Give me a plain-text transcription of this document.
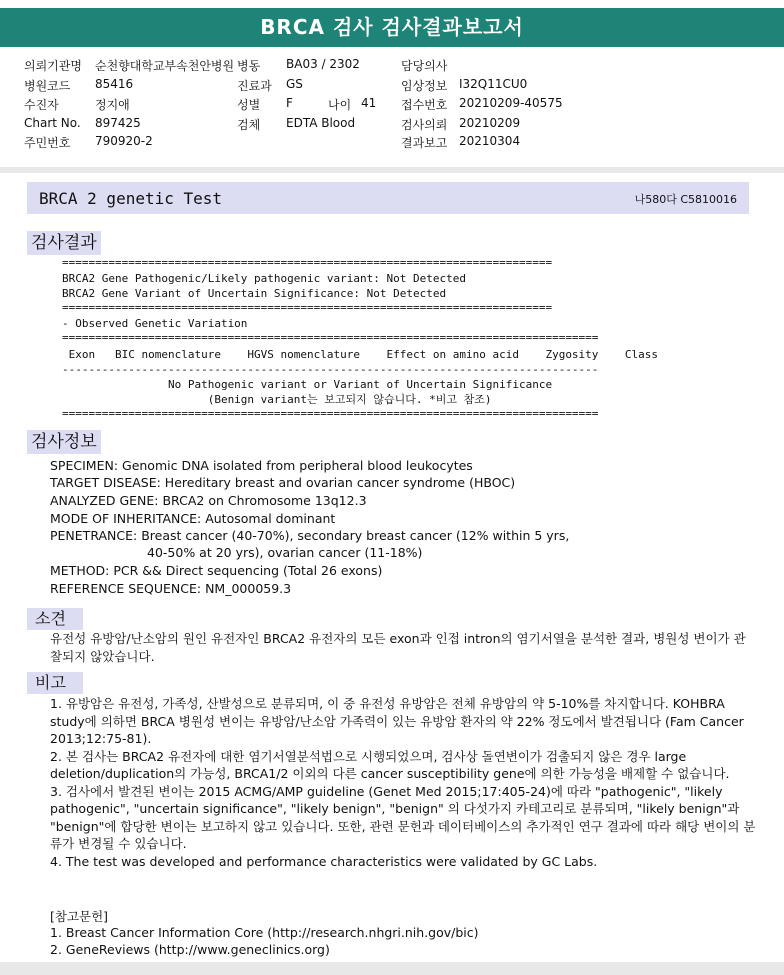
BRCA 검사 검사결과보고서
의뢰기관명 순천향대학교부속천안병원
병원코드 85416
수진자	정지애
Chart No. 897425
주민번호 790920-2
병동 BA03 / 2302
진료과 GS
성별 F	나이 41
검체 EDTA Blood
담당의사
임상정보 I32Q11CU0
접수번호 20210209-40575
검사의뢰 20210209
결과보고 20210304
BRCA 2 genetic Test	나580다 C5810016
검사결과
==========================================================================
BRCA2 Gene Pathogenic/Likely pathogenic variant: Not Detected
BRCA2 Gene Variant of Uncertain Significance: Not Detected
==========================================================================
- Observed Genetic Variation
=================================================================================
Exon   BIC nomenclature    HGVS nomenclature    Effect on amino acid    Zygosity    Class
---------------------------------------------------------------------------------
No Pathogenic variant or Variant of Uncertain Significance
(Benign variant는 보고되지 않습니다. *비고 참조)
=================================================================================
검사정보
SPECIMEN: Genomic DNA isolated from peripheral blood leukocytes
TARGET DISEASE: Hereditary breast and ovarian cancer syndrome (HBOC)
ANALYZED GENE: BRCA2 on Chromosome 13q12.3
MODE OF INHERITANCE: Autosomal dominant
PENETRANCE: Breast cancer (40-70%), secondary breast cancer (12% within 5 yrs,
40-50% at 20 yrs), ovarian cancer (11-18%)
METHOD: PCR && Direct sequencing (Total 26 exons)
REFERENCE SEQUENCE: NM_000059.3
소견

유전성 유방암/난소암의 원인 유전자인 BRCA2 유전자의 모든 exon과 인접 intron의 염기서열을 분석한 결과, 병원성 변이가 관찰되지 않았습니다.

비고

1. 유방암은 유전성, 가족성, 산발성으로 분류되며, 이 중 유전성 유방암은 전체 유방암의 약 5-10%를 차지합니다. KOHBRA study에 의하면 BRCA 병원성 변이는 유방암/난소암 가족력이 있는 유방암 환자의 약 22% 정도에서 발견됩니다 (Fam Cancer 2013;12:75-81).

2. 본 검사는 BRCA2 유전자에 대한 염기서열분석법으로 시행되었으며, 검사상 돌연변이가 검출되지 않은 경우 large deletion/duplication의 가능성, BRCA1/2 이외의 다른 cancer susceptibility gene에 의한 가능성을 배제할 수 없습니다.

3. 검사에서 발견된 변이는 2015 ACMG/AMP guideline (Genet Med 2015;17:405-24)에 따라 "pathogenic", "likely pathogenic", "uncertain significance", "likely benign", "benign" 의 다섯가지 카테고리로 분류되며, "likely benign"과 "benign"에 합당한 변이는 보고하지 않고 있습니다. 또한, 관련 문헌과 데이터베이스의 추가적인 연구 결과에 따라 해당 변이의 분류가 변경될 수 있습니다.

4. The test was developed and performance characteristics were validated by GC Labs.

[참고문헌]
1. Breast Cancer Information Core (http://research.nhgri.nih.gov/bic)
2. GeneReviews (http://www.geneclinics.org)
